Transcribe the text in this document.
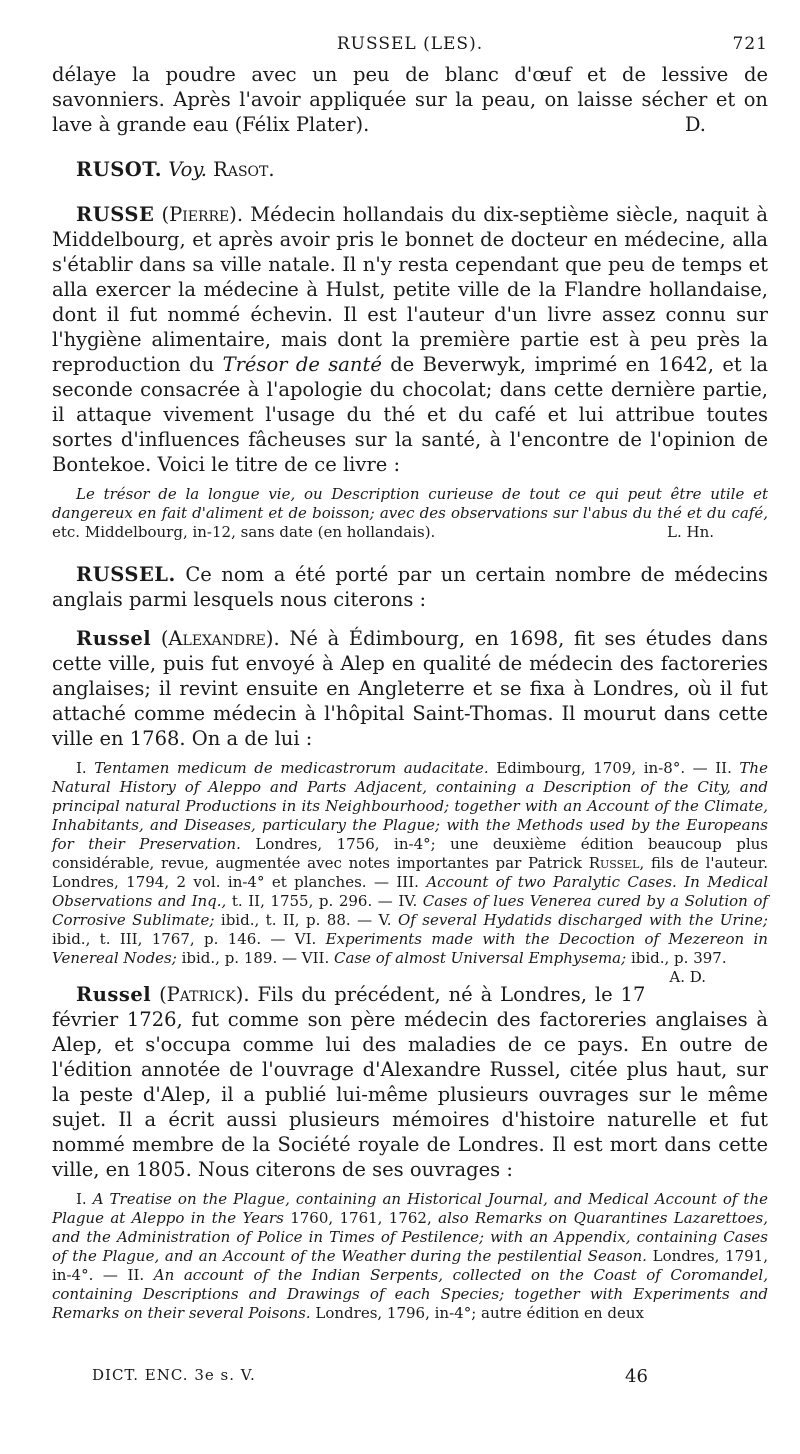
RUSSEL (LES).	721

délaye la poudre avec un peu de blanc d'œuf et de lessive de savonniers. Après l'avoir appliquée sur la peau, on laisse sécher et on lave à grande eau (Félix Plater).	D.

RUSOT. Voy. Rasot.

RUSSE (Pierre). Médecin hollandais du dix-septième siècle, naquit à Middelbourg, et après avoir pris le bonnet de docteur en médecine, alla s'établir dans sa ville natale. Il n'y resta cependant que peu de temps et alla exercer la médecine à Hulst, petite ville de la Flandre hollandaise, dont il fut nommé échevin. Il est l'auteur d'un livre assez connu sur l'hygiène alimentaire, mais dont la première partie est à peu près la reproduction du Trésor de santé de Beverwyk, imprimé en 1642, et la seconde consacrée à l'apologie du chocolat; dans cette dernière partie, il attaque vivement l'usage du thé et du café et lui attribue toutes sortes d'influences fâcheuses sur la santé, à l'encontre de l'opinion de Bontekoe. Voici le titre de ce livre :

Le trésor de la longue vie, ou Description curieuse de tout ce qui peut être utile et dangereux en fait d'aliment et de boisson; avec des observations sur l'abus du thé et du café, etc. Middelbourg, in-12, sans date (en hollandais).	L. Hn.

RUSSEL. Ce nom a été porté par un certain nombre de médecins anglais parmi lesquels nous citerons :

Russel (Alexandre). Né à Édimbourg, en 1698, fit ses études dans cette ville, puis fut envoyé à Alep en qualité de médecin des factoreries anglaises; il revint ensuite en Angleterre et se fixa à Londres, où il fut attaché comme médecin à l'hôpital Saint-Thomas. Il mourut dans cette ville en 1768. On a de lui :

I. Tentamen medicum de medicastrorum audacitate. Edimbourg, 1709, in-8°. — II. The Natural History of Aleppo and Parts Adjacent, containing a Description of the City, and principal natural Productions in its Neighbourhood; together with an Account of the Climate, Inhabitants, and Diseases, particulary the Plague; with the Methods used by the Europeans for their Preservation. Londres, 1756, in-4°; une deuxième édition beaucoup plus considérable, revue, augmentée avec notes importantes par Patrick Russel, fils de l'auteur. Londres, 1794, 2 vol. in-4° et planches. — III. Account of two Paralytic Cases. In Medical Observations and Inq., t. II, 1755, p. 296. — IV. Cases of lues Venerea cured by a Solution of Corrosive Sublimate; ibid., t. II, p. 88. — V. Of several Hydatids discharged with the Urine; ibid., t. III, 1767, p. 146. — VI. Experiments made with the Decoction of Mezereon in Venereal Nodes; ibid., p. 189. — VII. Case of almost Universal Emphysema; ibid., p. 397.
A. D.

Russel (Patrick). Fils du précédent, né à Londres, le 17 février 1726, fut comme son père médecin des factoreries anglaises à Alep, et s'occupa comme lui des maladies de ce pays. En outre de l'édition annotée de l'ouvrage d'Alexandre Russel, citée plus haut, sur la peste d'Alep, il a publié lui-même plusieurs ouvrages sur le même sujet. Il a écrit aussi plusieurs mémoires d'histoire naturelle et fut nommé membre de la Société royale de Londres. Il est mort dans cette ville, en 1805. Nous citerons de ses ouvrages :

I. A Treatise on the Plague, containing an Historical Journal, and Medical Account of the Plague at Aleppo in the Years 1760, 1761, 1762, also Remarks on Quarantines Lazarettoes, and the Administration of Police in Times of Pestilence; with an Appendix, containing Cases of the Plague, and an Account of the Weather during the pestilential Season. Londres, 1791, in-4°. — II. An account of the Indian Serpents, collected on the Coast of Coromandel, containing Descriptions and Drawings of each Species; together with Experiments and Remarks on their several Poisons. Londres, 1796, in-4°; autre édition en deux

DICT. ENC. 3e s. V.	46
